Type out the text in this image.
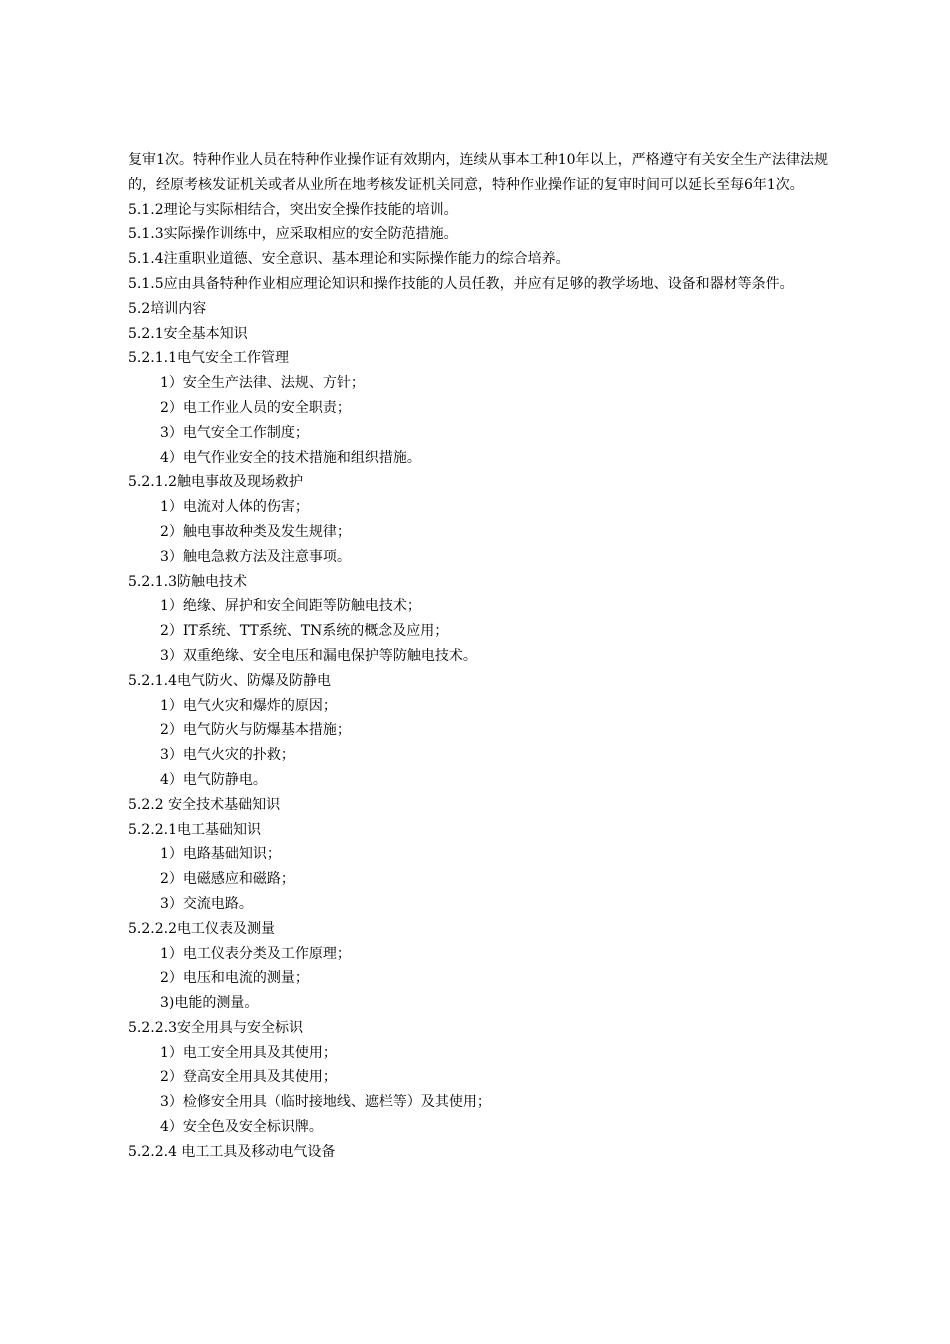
复审1次。特种作业人员在特种作业操作证有效期内，连续从事本工种10年以上，严格遵守有关安全生产法律法规的，经原考核发证机关或者从业所在地考核发证机关同意，特种作业操作证的复审时间可以延长至每6年1次。

5.1.2理论与实际相结合，突出安全操作技能的培训。

5.1.3实际操作训练中，应采取相应的安全防范措施。

5.1.4注重职业道德、安全意识、基本理论和实际操作能力的综合培养。

5.1.5应由具备特种作业相应理论知识和操作技能的人员任教，并应有足够的教学场地、设备和器材等条件。

5.2培训内容

5.2.1安全基本知识

5.2.1.1电气安全工作管理

1）安全生产法律、法规、方针；

2）电工作业人员的安全职责；

3）电气安全工作制度；

4）电气作业安全的技术措施和组织措施。

5.2.1.2触电事故及现场救护

1）电流对人体的伤害；

2）触电事故种类及发生规律；

3）触电急救方法及注意事项。

5.2.1.3防触电技术

1）绝缘、屏护和安全间距等防触电技术；

2）IT系统、TT系统、TN系统的概念及应用；

3）双重绝缘、安全电压和漏电保护等防触电技术。

5.2.1.4电气防火、防爆及防静电

1）电气火灾和爆炸的原因；

2）电气防火与防爆基本措施；

3）电气火灾的扑救；

4）电气防静电。

5.2.2 安全技术基础知识

5.2.2.1电工基础知识

1）电路基础知识；

2）电磁感应和磁路；

3）交流电路。

5.2.2.2电工仪表及测量

1）电工仪表分类及工作原理；

2）电压和电流的测量；

3)电能的测量。

5.2.2.3安全用具与安全标识

1）电工安全用具及其使用；

2）登高安全用具及其使用；

3）检修安全用具（临时接地线、遮栏等）及其使用；

4）安全色及安全标识牌。

5.2.2.4 电工工具及移动电气设备
